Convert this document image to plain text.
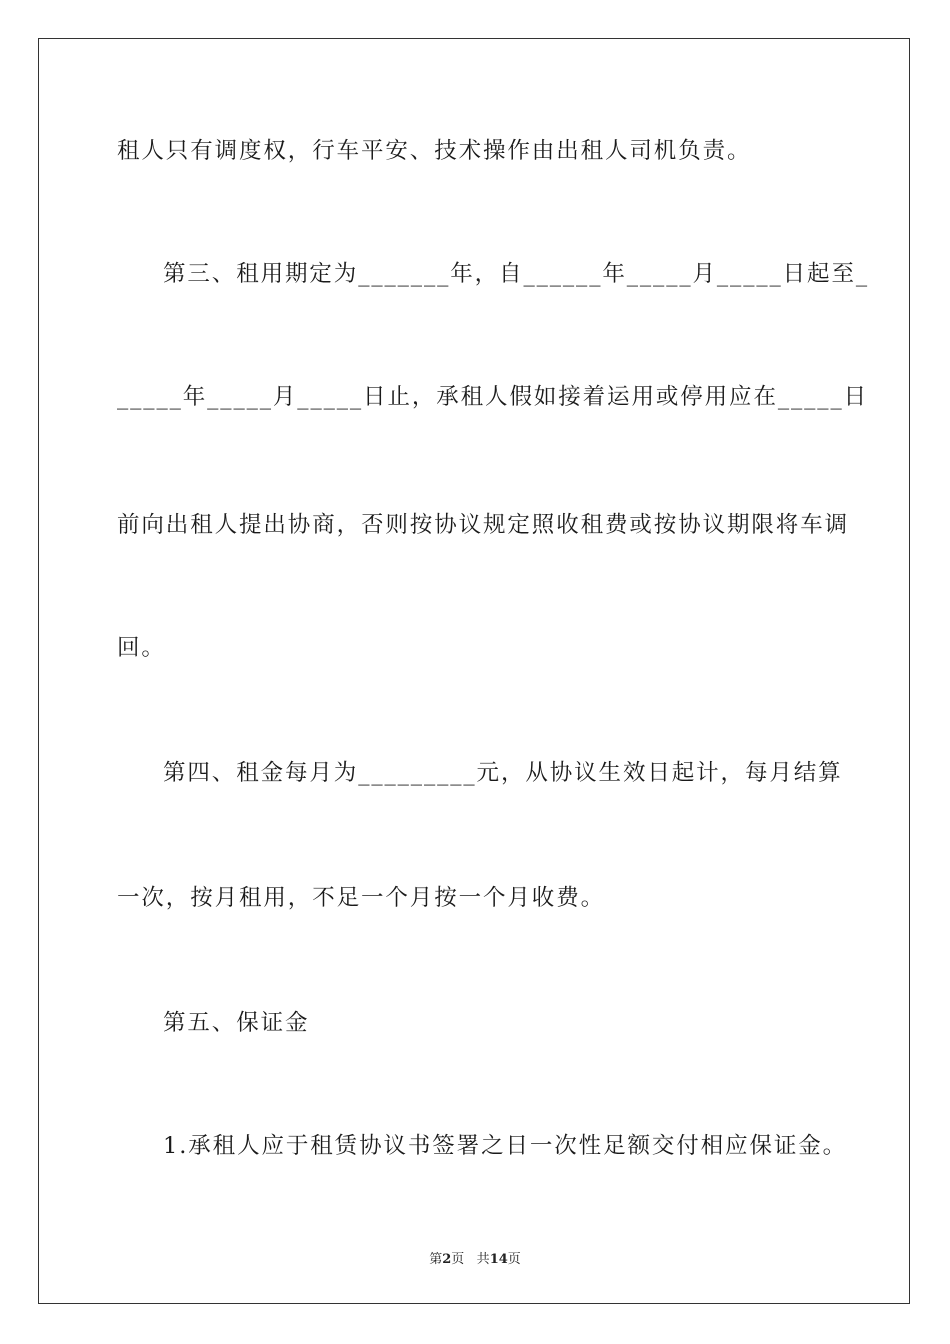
租人只有调度权，行车平安、技术操作由出租人司机负责。
第三、租用期定为_______年，自______年_____月_____日起至_
_____年_____月_____日止，承租人假如接着运用或停用应在_____日
前向出租人提出协商，否则按协议规定照收租费或按协议期限将车调
回。
第四、租金每月为_________元，从协议生效日起计，每月结算
一次，按月租用，不足一个月按一个月收费。
第五、保证金
1.承租人应于租赁协议书签署之日一次性足额交付相应保证金。
第2页 共14页
